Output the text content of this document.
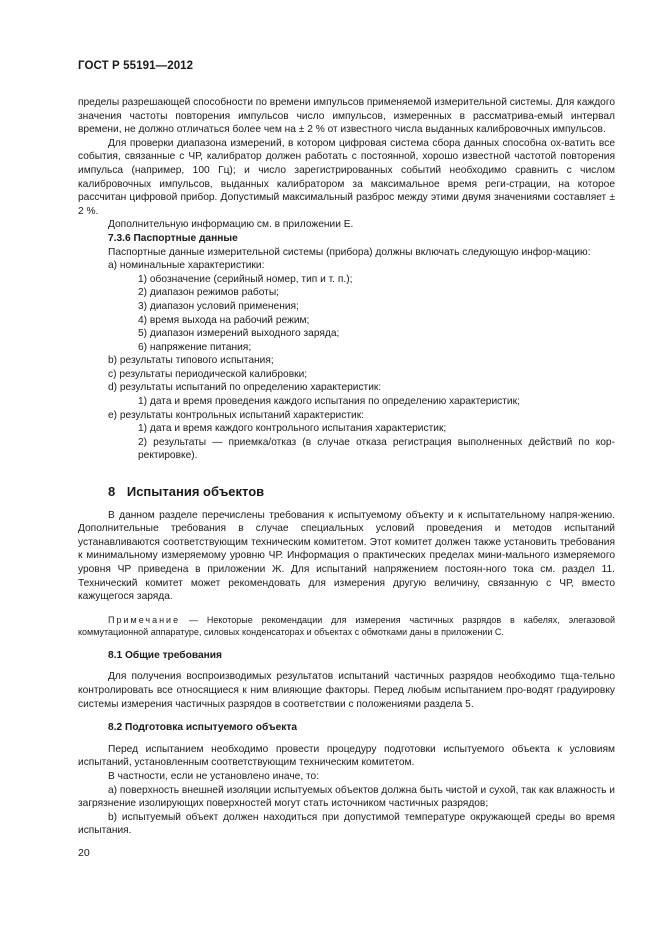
ГОСТ Р 55191—2012

пределы разрешающей способности по времени импульсов применяемой измерительной системы. Для каждого значения частоты повторения импульсов число импульсов, измеренных в рассматрива-емый интервал времени, не должно отличаться более чем на ± 2 % от известного числа выданных калибровочных импульсов.

Для проверки диапазона измерений, в котором цифровая система сбора данных способна ох-ватить все события, связанные с ЧР, калибратор должен работать с постоянной, хорошо известной частотой повторения импульса (например, 100 Гц); и число зарегистрированных событий необходимо сравнить с числом калибровочных импульсов, выданных калибратором за максимальное время реги-страции, на которое рассчитан цифровой прибор. Допустимый максимальный разброс между этими двумя значениями составляет ± 2 %.

Дополнительную информацию см. в приложении Е.

7.3.6 Паспортные данные

Паспортные данные измерительной системы (прибора) должны включать следующую инфор-мацию:

a) номинальные характеристики:

1) обозначение (серийный номер, тип и т. п.);

2) диапазон режимов работы;

3) диапазон условий применения;

4) время выхода на рабочий режим;

5) диапазон измерений выходного заряда;

6) напряжение питания;

b) результаты типового испытания;

c) результаты периодической калибровки;

d) результаты испытаний по определению характеристик:

1) дата и время проведения каждого испытания по определению характеристик;

e) результаты контрольных испытаний характеристик:

1) дата и время каждого контрольного испытания характеристик;

2) результаты — приемка/отказ (в случае отказа регистрация выполненных действий по кор-ректировке).

8 Испытания объектов

В данном разделе перечислены требования к испытуемому объекту и к испытательному напря-жению. Дополнительные требования в случае специальных условий проведения и методов испытаний устанавливаются соответствующим техническим комитетом. Этот комитет должен также установить требования к минимальному измеряемому уровню ЧР. Информация о практических пределах мини-мального измеряемого уровня ЧР приведена в приложении Ж. Для испытаний напряжением постоян-ного тока см. раздел 11. Технический комитет может рекомендовать для измерения другую величину, связанную с ЧР, вместо кажущегося заряда.

Примечание — Некоторые рекомендации для измерения частичных разрядов в кабелях, элегазовой коммутационной аппаратуре, силовых конденсаторах и объектах с обмотками даны в приложении С.

8.1 Общие требования

Для получения воспроизводимых результатов испытаний частичных разрядов необходимо тща-тельно контролировать все относящиеся к ним влияющие факторы. Перед любым испытанием про-водят градуировку системы измерения частичных разрядов в соответствии с положениями раздела 5.

8.2 Подготовка испытуемого объекта

Перед испытанием необходимо провести процедуру подготовки испытуемого объекта к условиям испытаний, установленным соответствующим техническим комитетом.

В частности, если не установлено иначе, то:

a) поверхность внешней изоляции испытуемых объектов должна быть чистой и сухой, так как влажность и загрязнение изолирующих поверхностей могут стать источником частичных разрядов;

b) испытуемый объект должен находиться при допустимой температуре окружающей среды во время испытания.

20
